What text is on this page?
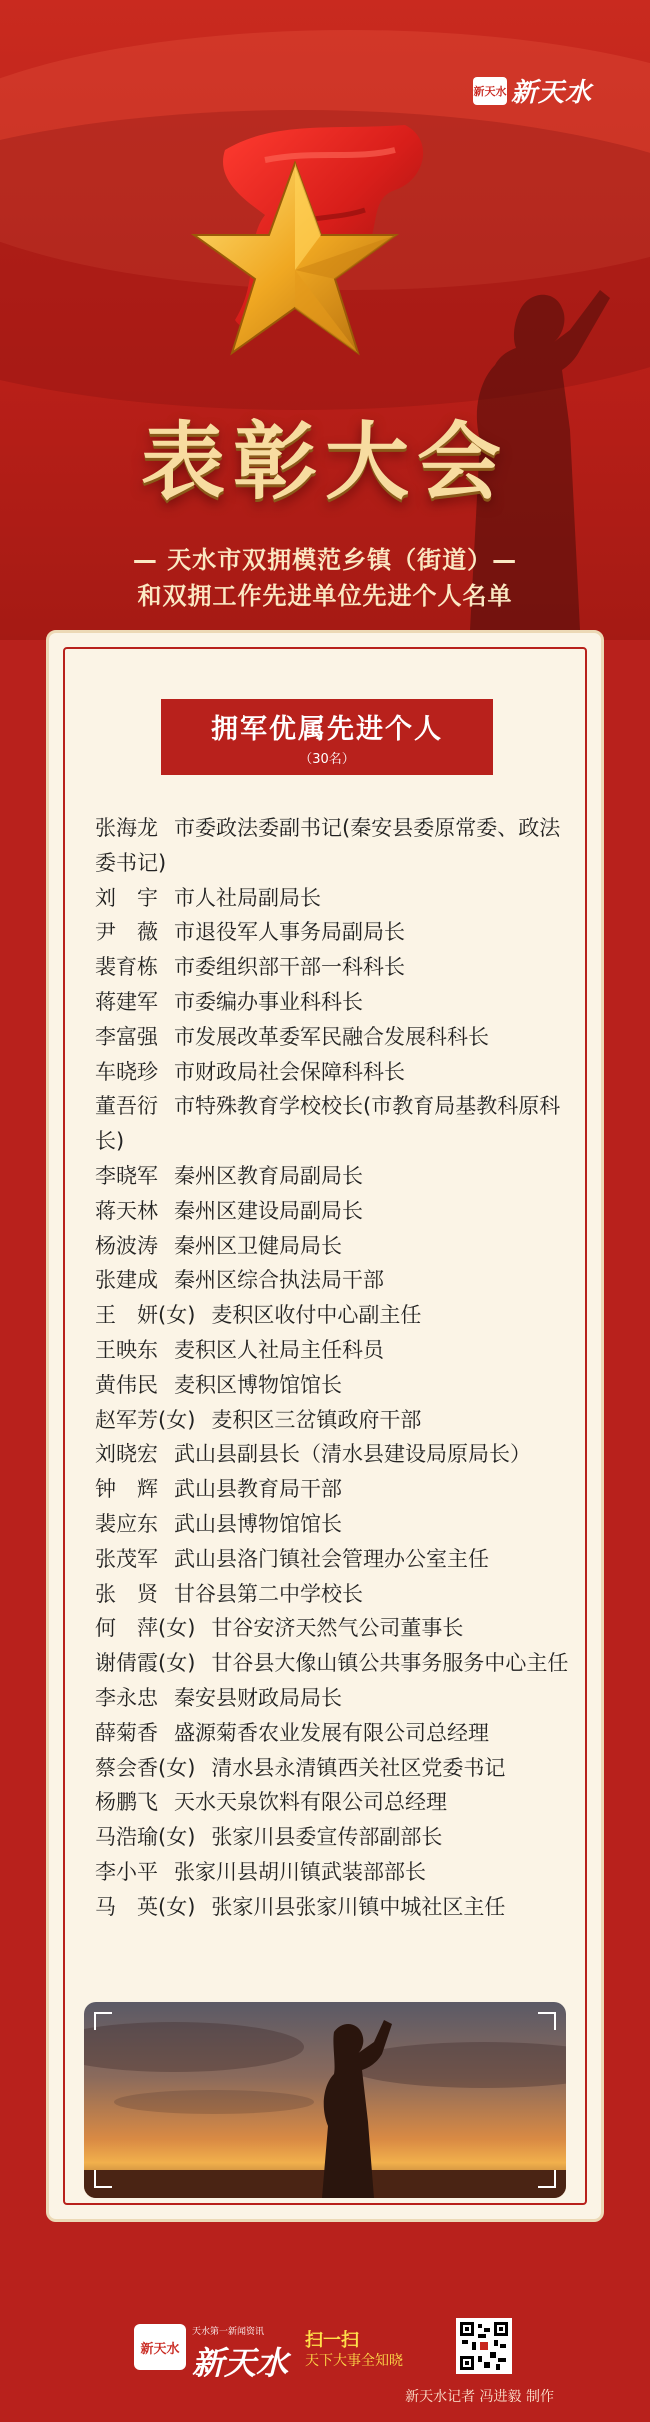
新天水 新天水
表彰大会
— 天水市双拥模范乡镇（街道）—
和双拥工作先进单位先进个人名单
拥军优属先进个人
（30名）
张海龙 市委政法委副书记(秦安县委原常委、政法委书记)
刘　宇 市人社局副局长
尹　薇 市退役军人事务局副局长
裴育栋 市委组织部干部一科科长
蒋建军 市委编办事业科科长
李富强 市发展改革委军民融合发展科科长
车晓珍 市财政局社会保障科科长
董吾衍 市特殊教育学校校长(市教育局基教科原科长)
李晓军 秦州区教育局副局长
蒋天林 秦州区建设局副局长
杨波涛 秦州区卫健局局长
张建成 秦州区综合执法局干部
王　妍(女) 麦积区收付中心副主任
王映东 麦积区人社局主任科员
黄伟民 麦积区博物馆馆长
赵军芳(女) 麦积区三岔镇政府干部
刘晓宏 武山县副县长（清水县建设局原局长）
钟　辉 武山县教育局干部
裴应东 武山县博物馆馆长
张茂军 武山县洛门镇社会管理办公室主任
张　贤 甘谷县第二中学校长
何　萍(女) 甘谷安济天然气公司董事长
谢倩霞(女) 甘谷县大像山镇公共事务服务中心主任
李永忠 秦安县财政局局长
薛菊香 盛源菊香农业发展有限公司总经理
蔡会香(女) 清水县永清镇西关社区党委书记
杨鹏飞 天水天泉饮料有限公司总经理
马浩瑜(女) 张家川县委宣传部副部长
李小平 张家川县胡川镇武装部部长
马　英(女) 张家川县张家川镇中城社区主任
新天水
天水第一新闻资讯
新天水
扫一扫
天下大事全知晓
新天水记者 冯进毅 制作
